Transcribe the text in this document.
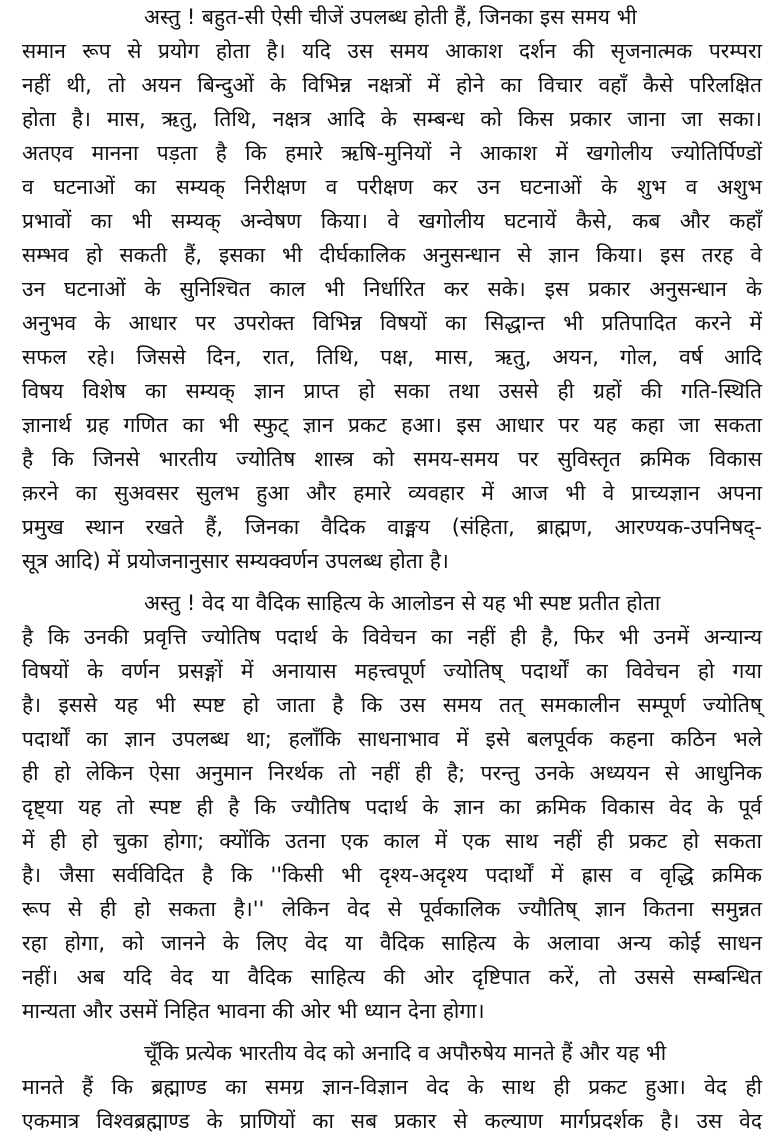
अस्तु ! बहुत-सी ऐसी चीजें उपलब्ध होती हैं, जिनका इस समय भी
समान रूप से प्रयोग होता है। यदि उस समय आकाश दर्शन की सृजनात्मक परम्परा
नहीं थी, तो अयन बिन्दुओं के विभिन्न नक्षत्रों में होने का विचार वहाँ कैसे परिलक्षित
होता है। मास, ऋतु, तिथि, नक्षत्र आदि के सम्बन्ध को किस प्रकार जाना जा सका।
अतएव मानना पड़ता है कि हमारे ऋषि-मुनियों ने आकाश में खगोलीय ज्योतिर्पिण्डों
व घटनाओं का सम्यक् निरीक्षण व परीक्षण कर उन घटनाओं के शुभ व अशुभ
प्रभावों का भी सम्यक् अन्वेषण किया। वे खगोलीय घटनायें कैसे, कब और कहाँ
सम्भव हो सकती हैं, इसका भी दीर्घकालिक अनुसन्धान से ज्ञान किया। इस तरह वे
उन घटनाओं के सुनिश्चित काल भी निर्धारित कर सके। इस प्रकार अनुसन्धान के
अनुभव के आधार पर उपरोक्त विभिन्न विषयों का सिद्धान्त भी प्रतिपादित करने में
सफल रहे। जिससे दिन, रात, तिथि, पक्ष, मास, ऋतु, अयन, गोल, वर्ष आदि
विषय विशेष का सम्यक् ज्ञान प्राप्त हो सका तथा उससे ही ग्रहों की गति-स्थिति
ज्ञानार्थ ग्रह गणित का भी स्फुट् ज्ञान प्रकट हआ। इस आधार पर यह कहा जा सकता
है कि जिनसे भारतीय ज्योतिष शास्त्र को समय-समय पर सुविस्तृत क्रमिक विकास
क़रने का सुअवसर सुलभ हुआ और हमारे व्यवहार में आज भी वे प्राच्यज्ञान अपना
प्रमुख स्थान रखते हैं, जिनका वैदिक वाङ्मय (संहिता, ब्राह्मण, आरण्यक-उपनिषद्-
सूत्र आदि) में प्रयोजनानुसार सम्यक्वर्णन उपलब्ध होता है।
अस्तु ! वेद या वैदिक साहित्य के आलोडन से यह भी स्पष्ट प्रतीत होता
है कि उनकी प्रवृत्ति ज्योतिष पदार्थ के विवेचन का नहीं ही है, फिर भी उनमें अन्यान्य
विषयों के वर्णन प्रसङ्गों में अनायास महत्त्वपूर्ण ज्योतिष् पदार्थों का विवेचन हो गया
है। इससे यह भी स्पष्ट हो जाता है कि उस समय तत् समकालीन सम्पूर्ण ज्योतिष्
पदार्थों का ज्ञान उपलब्ध था; हलाँकि साधनाभाव में इसे बलपूर्वक कहना कठिन भले
ही हो लेकिन ऐसा अनुमान निरर्थक तो नहीं ही है; परन्तु उनके अध्ययन से आधुनिक
दृष्ट्या यह तो स्पष्ट ही है कि ज्यौतिष पदार्थ के ज्ञान का क्रमिक विकास वेद के पूर्व
में ही हो चुका होगा; क्योंकि उतना एक काल में एक साथ नहीं ही प्रकट हो सकता
है। जैसा सर्वविदित है कि ''किसी भी दृश्य-अदृश्य पदार्थों में ह्रास व वृद्धि क्रमिक
रूप से ही हो सकता है।'' लेकिन वेद से पूर्वकालिक ज्यौतिष् ज्ञान कितना समुन्नत
रहा होगा, को जानने के लिए वेद या वैदिक साहित्य के अलावा अन्य कोई साधन
नहीं। अब यदि वेद या वैदिक साहित्य की ओर दृष्टिपात करें, तो उससे सम्बन्धित
मान्यता और उसमें निहित भावना की ओर भी ध्यान देना होगा।
चूँकि प्रत्येक भारतीय वेद को अनादि व अपौरुषेय मानते हैं और यह भी
मानते हैं कि ब्रह्माण्ड का समग्र ज्ञान-विज्ञान वेद के साथ ही प्रकट हुआ। वेद ही
एकमात्र विश्वब्रह्माण्ड के प्राणियों का सब प्रकार से कल्याण मार्गप्रदर्शक है। उस वेद
